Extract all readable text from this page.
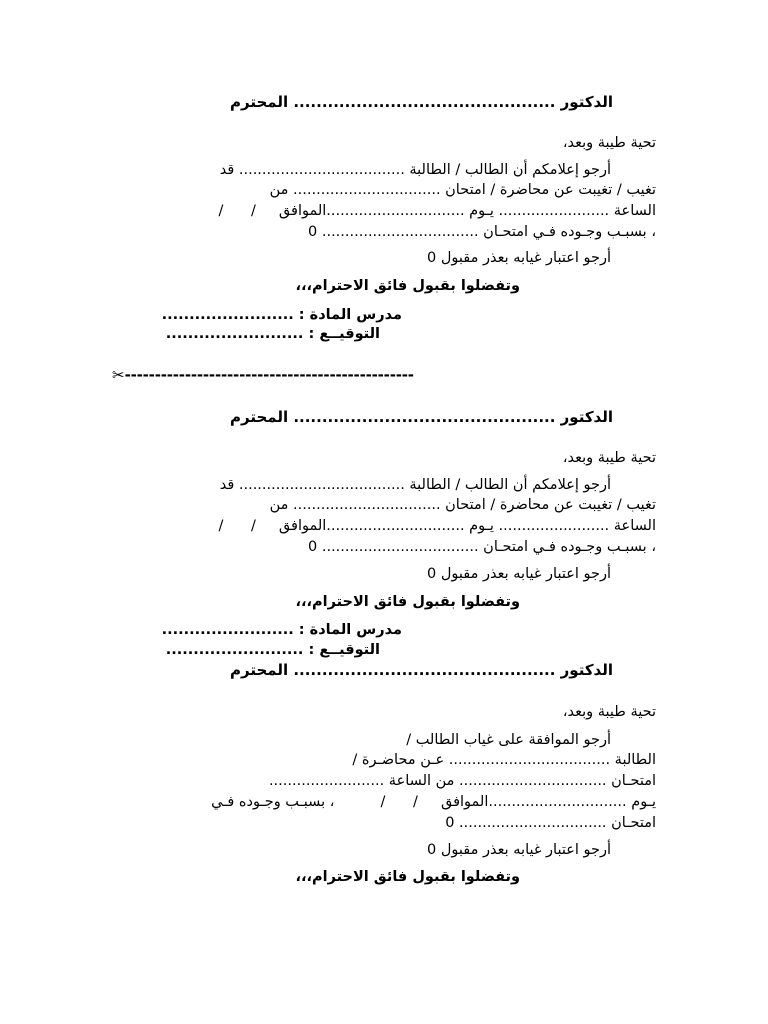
الدكتور .............................................. المحترم
تحية طيبة وبعد،
أرجو إعلامكم أن الطالب / الطالبة .................................... قد
تغيب / تغيبت عن محاضرة / امتحان ................................ من
الساعة ........................ يـوم ..............................الموافق     /      /
، بسبـب وجـوده فـي امتحـان .................................. 0
أرجو اعتبار غيابه بعذر مقبول 0
وتفضلوا بقبول فائق الاحترام،،،
مدرس المادة : ........................
التوقيــع : .........................
✂------------------------------------------------
الدكتور .............................................. المحترم
تحية طيبة وبعد،
أرجو إعلامكم أن الطالب / الطالبة .................................... قد
تغيب / تغيبت عن محاضرة / امتحان ................................ من
الساعة ........................ يـوم ..............................الموافق     /      /
، بسبـب وجـوده فـي امتحـان .................................. 0
أرجو اعتبار غيابه بعذر مقبول 0
وتفضلوا بقبول فائق الاحترام،،،
مدرس المادة : ........................
التوقيــع : .........................
الدكتور .............................................. المحترم
تحية طيبة وبعد،
أرجو الموافقة على غياب الطالب /
الطالبة ................................... عـن محاضـرة /
امتحـان ................................ من الساعة .........................
يـوم ..............................الموافق     /      /          ، بسبـب وجـوده فـي
امتحـان ................................ 0
أرجو اعتبار غيابه بعذر مقبول 0
وتفضلوا بقبول فائق الاحترام،،،
